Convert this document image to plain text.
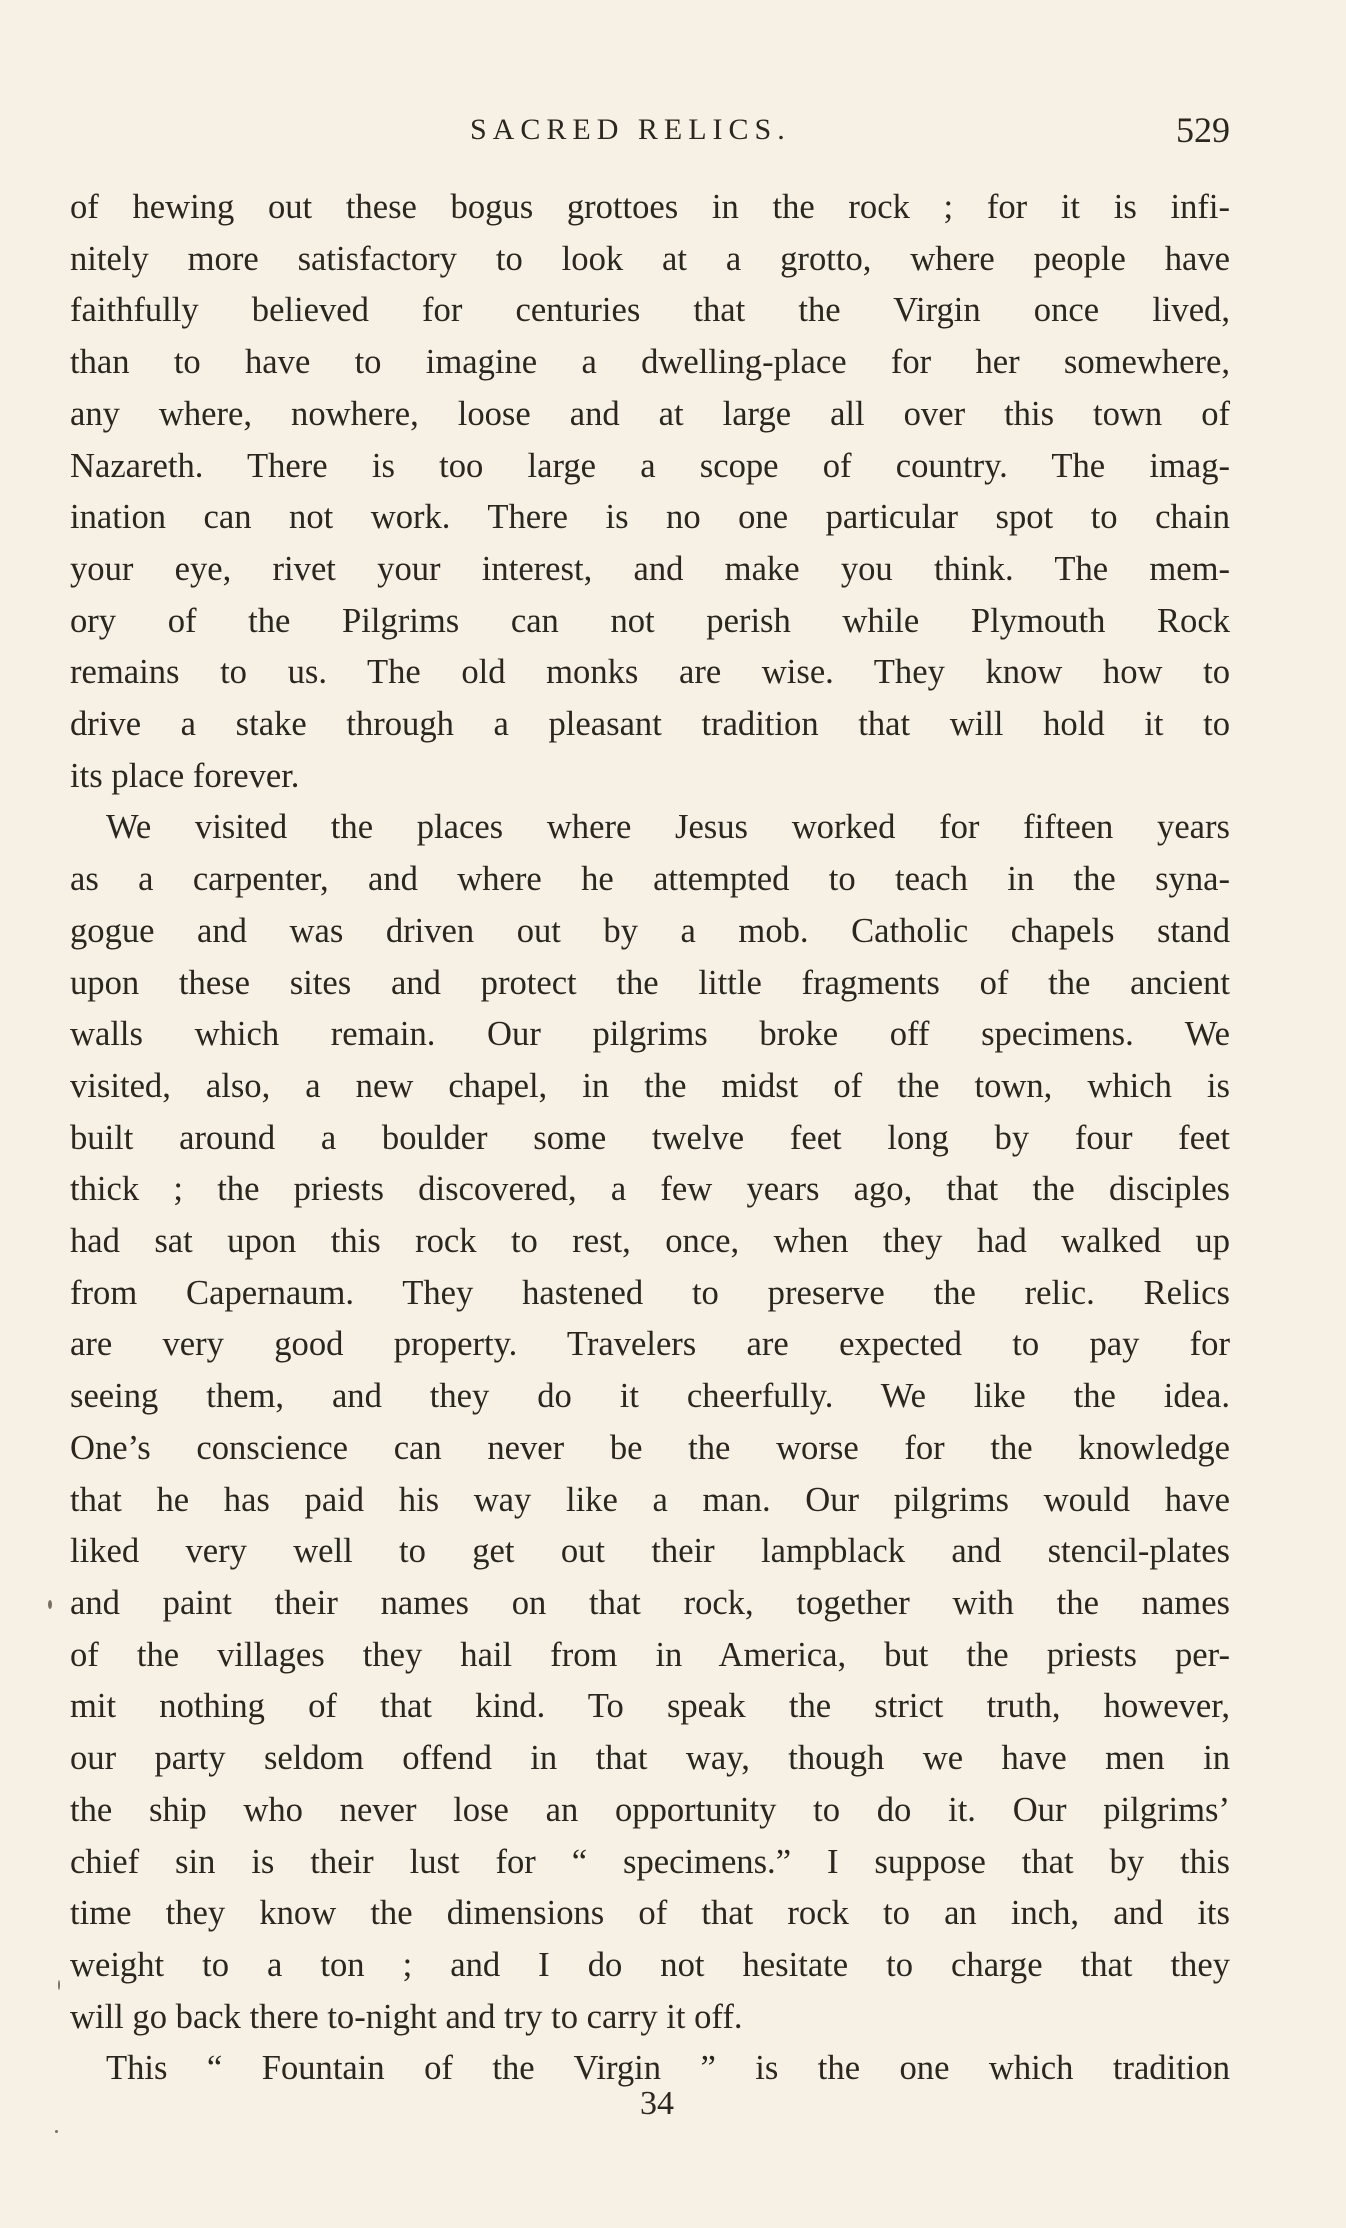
SACRED RELICS.	529

of hewing out these bogus grottoes in the rock ; for it is infi-
nitely more satisfactory to look at a grotto, where people have
faithfully believed for centuries that the Virgin once lived,
than to have to imagine a dwelling-place for her somewhere,
any where, nowhere, loose and at large all over this town of
Nazareth. There is too large a scope of country. The imag-
ination can not work. There is no one particular spot to chain
your eye, rivet your interest, and make you think. The mem-
ory of the Pilgrims can not perish while Plymouth Rock
remains to us. The old monks are wise. They know how to
drive a stake through a pleasant tradition that will hold it to
its place forever.

We visited the places where Jesus worked for fifteen years
as a carpenter, and where he attempted to teach in the syna-
gogue and was driven out by a mob. Catholic chapels stand
upon these sites and protect the little fragments of the ancient
walls which remain. Our pilgrims broke off specimens. We
visited, also, a new chapel, in the midst of the town, which is
built around a boulder some twelve feet long by four feet
thick ; the priests discovered, a few years ago, that the disciples
had sat upon this rock to rest, once, when they had walked up
from Capernaum. They hastened to preserve the relic. Relics
are very good property. Travelers are expected to pay for
seeing them, and they do it cheerfully. We like the idea.
One’s conscience can never be the worse for the knowledge
that he has paid his way like a man. Our pilgrims would have
liked very well to get out their lampblack and stencil-plates
and paint their names on that rock, together with the names
of the villages they hail from in America, but the priests per-
mit nothing of that kind. To speak the strict truth, however,
our party seldom offend in that way, though we have men in
the ship who never lose an opportunity to do it. Our pilgrims’
chief sin is their lust for “ specimens.” I suppose that by this
time they know the dimensions of that rock to an inch, and its
weight to a ton ; and I do not hesitate to charge that they
will go back there to-night and try to carry it off.

This “ Fountain of the Virgin ” is the one which tradition

34
